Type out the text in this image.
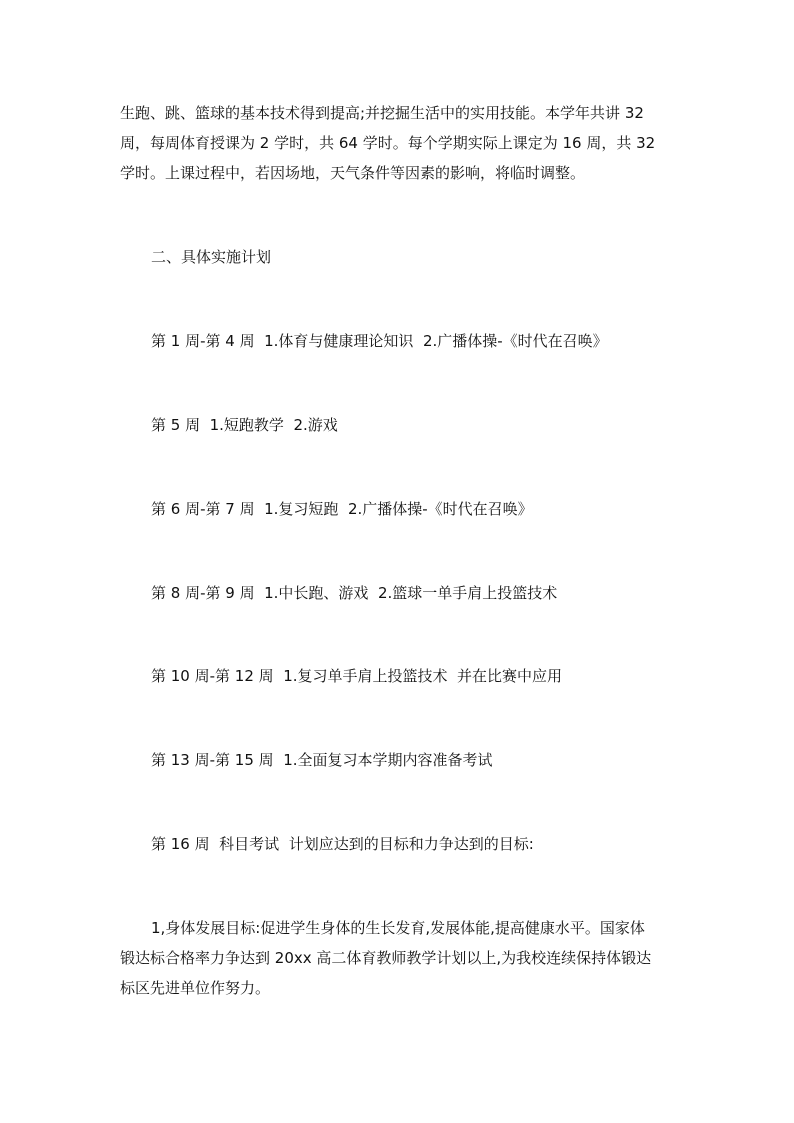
生跑、跳、篮球的基本技术得到提高;并挖掘生活中的实用技能。本学年共讲 32

周，每周体育授课为 2 学时，共 64 学时。每个学期实际上课定为 16 周，共 32

学时。上课过程中，若因场地，天气条件等因素的影响，将临时调整。

二、具体实施计划
第 1 周-第 4 周  1.体育与健康理论知识  2.广播体操-《时代在召唤》
第 5 周  1.短跑教学  2.游戏
第 6 周-第 7 周  1.复习短跑  2.广播体操-《时代在召唤》
第 8 周-第 9 周  1.中长跑、游戏  2.篮球一单手肩上投篮技术
第 10 周-第 12 周  1.复习单手肩上投篮技术  并在比赛中应用
第 13 周-第 15 周  1.全面复习本学期内容准备考试
第 16 周  科目考试  计划应达到的目标和力争达到的目标:

1,身体发展目标:促进学生身体的生长发育,发展体能,提高健康水平。国家体

锻达标合格率力争达到 20xx 高二体育教师教学计划以上,为我校连续保持体锻达

标区先进单位作努力。
